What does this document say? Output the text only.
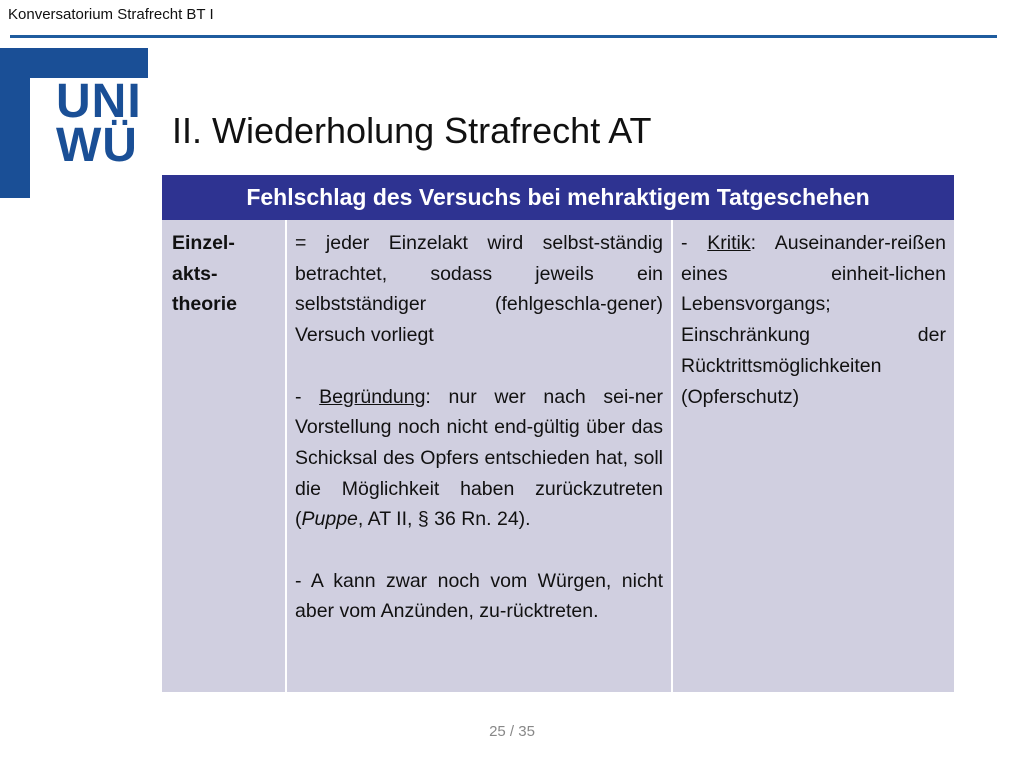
Konversatorium Strafrecht BT I
UNI
WÜ II. Wiederholung Strafrecht AT
Fehlschlag des Versuchs bei mehraktigem Tatgeschehen
Einzel-akts-theorie
= jeder Einzelakt wird selbst-ständig betrachtet, sodass jeweils ein selbstständiger (fehlgeschla-gener) Versuch vorliegt
- Begründung: nur wer nach sei-ner Vorstellung noch nicht end-gültig über das Schicksal des Opfers entschieden hat, soll die Möglichkeit haben zurückzutreten (Puppe, AT II, § 36 Rn. 24).
- A kann zwar noch vom Würgen, nicht aber vom Anzünden, zu-rücktreten.
- Kritik: Auseinander-reißen eines einheit-lichen Lebensvorgangs; Einschränkung der Rücktrittsmöglichkeiten (Opferschutz)
25 / 35
